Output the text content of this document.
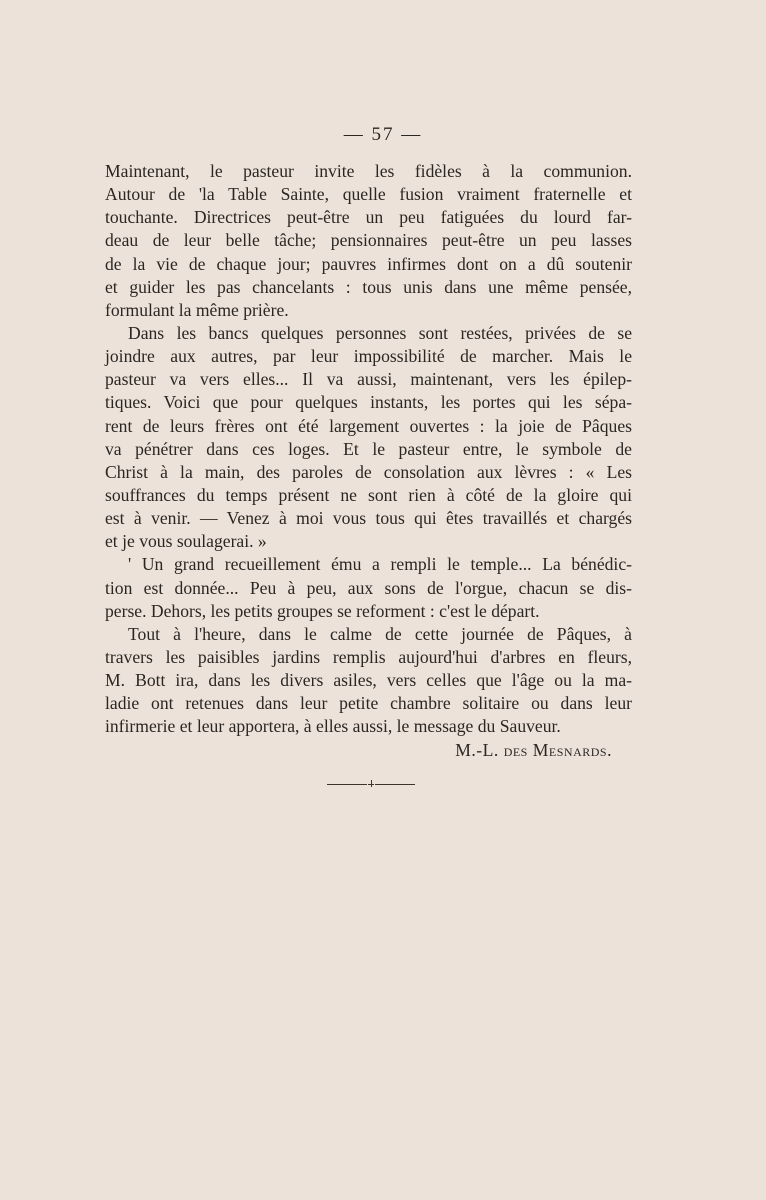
— 57 —
Maintenant, le pasteur invite les fidèles à la communion.
Autour de 'la Table Sainte, quelle fusion vraiment fraternelle et
touchante. Directrices peut-être un peu fatiguées du lourd far-
deau de leur belle tâche; pensionnaires peut-être un peu lasses
de la vie de chaque jour; pauvres infirmes dont on a dû soutenir
et guider les pas chancelants : tous unis dans une même pensée,
formulant la même prière.
Dans les bancs quelques personnes sont restées, privées de se
joindre aux autres, par leur impossibilité de marcher. Mais le
pasteur va vers elles... Il va aussi, maintenant, vers les épilep-
tiques. Voici que pour quelques instants, les portes qui les sépa-
rent de leurs frères ont été largement ouvertes : la joie de Pâques
va pénétrer dans ces loges. Et le pasteur entre, le symbole de
Christ à la main, des paroles de consolation aux lèvres : « Les
souffrances du temps présent ne sont rien à côté de la gloire qui
est à venir. — Venez à moi vous tous qui êtes travaillés et chargés
et je vous soulagerai. »
' Un grand recueillement ému a rempli le temple... La bénédic-
tion est donnée... Peu à peu, aux sons de l'orgue, chacun se dis-
perse. Dehors, les petits groupes se reforment : c'est le départ.
Tout à l'heure, dans le calme de cette journée de Pâques, à
travers les paisibles jardins remplis aujourd'hui d'arbres en fleurs,
M. Bott ira, dans les divers asiles, vers celles que l'âge ou la ma-
ladie ont retenues dans leur petite chambre solitaire ou dans leur
infirmerie et leur apportera, à elles aussi, le message du Sauveur.
M.-L. des Mesnards.
